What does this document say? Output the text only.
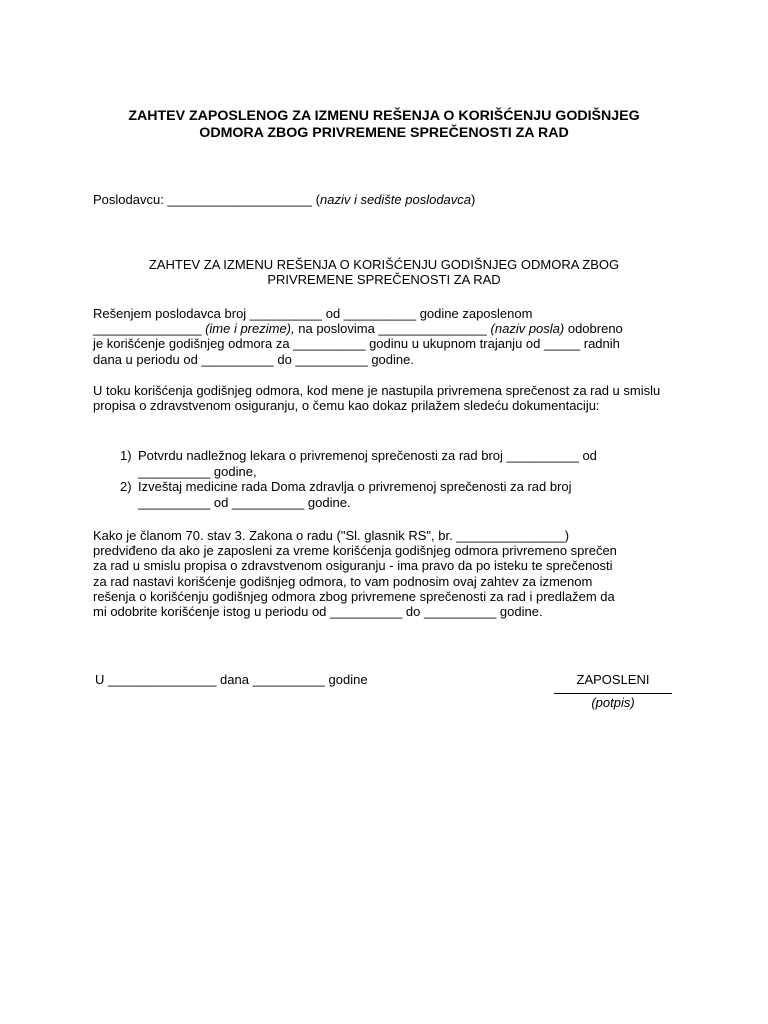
ZAHTEV ZAPOSLENOG ZA IZMENU REŠENJA O KORIŠĆENJU GODIŠNJEG
ODMORA ZBOG PRIVREMENE SPREČENOSTI ZA RAD
Poslodavcu: ____________________ (naziv i sedište poslodavca)
ZAHTEV ZA IZMENU REŠENJA O KORIŠĆENJU GODIŠNJEG ODMORA ZBOG
PRIVREMENE SPREČENOSTI ZA RAD
Rešenjem poslodavca broj __________ od __________ godine zaposlenom
_______________ (ime i prezime), na poslovima _______________ (naziv posla) odobreno
je korišćenje godišnjeg odmora za __________ godinu u ukupnom trajanju od _____ radnih
dana u periodu od __________ do __________ godine.
U toku korišćenja godišnjeg odmora, kod mene je nastupila privremena sprečenost za rad u smislu propisa o zdravstvenom osiguranju, o čemu kao dokaz prilažem sledeću dokumentaciju:
1) Potvrdu nadležnog lekara o privremenoj sprečenosti za rad broj __________ od
__________ godine,
2) Izveštaj medicine rada Doma zdravlja o privremenoj sprečenosti za rad broj
__________ od __________ godine.
Kako je članom 70. stav 3. Zakona o radu ("Sl. glasnik RS", br. _______________)
predviđeno da ako je zaposleni za vreme korišćenja godišnjeg odmora privremeno sprečen
za rad u smislu propisa o zdravstvenom osiguranju - ima pravo da po isteku te sprečenosti
za rad nastavi korišćenje godišnjeg odmora, to vam podnosim ovaj zahtev za izmenom
rešenja o korišćenju godišnjeg odmora zbog privremene sprečenosti za rad i predlažem da
mi odobrite korišćenje istog u periodu od __________ do __________ godine.
U _______________ dana __________ godine	ZAPOSLENI
(potpis)
